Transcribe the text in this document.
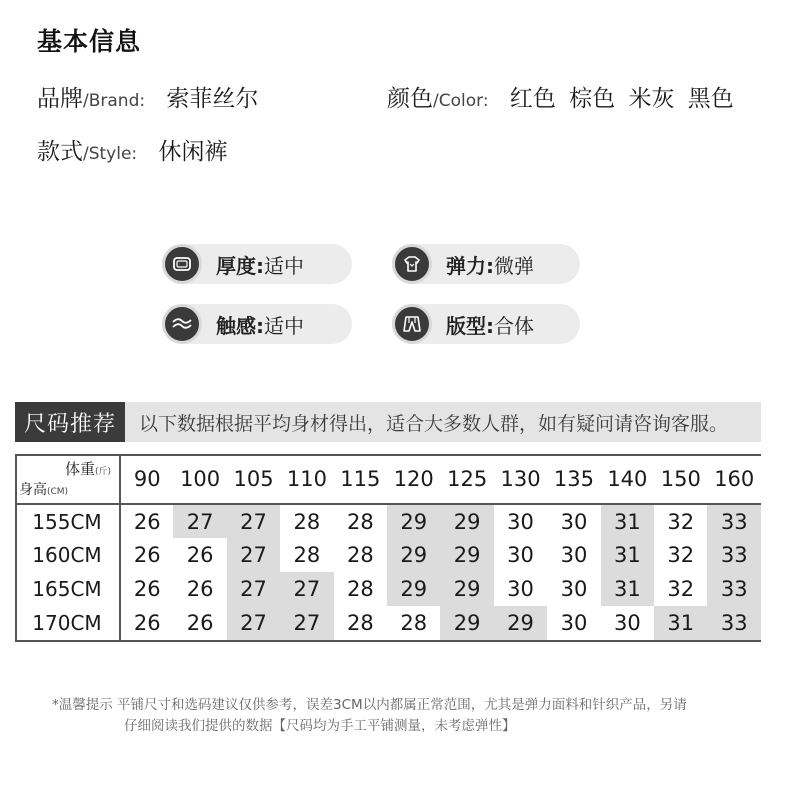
基本信息
品牌/Brand: 索菲丝尔	颜色/Color: 红色 棕色 米灰 黑色
款式/Style: 休闲裤
厚度: 适中	弹力: 微弹
触感: 适中	版型: 合体
尺码推荐	以下数据根据平均身材得出，适合大多数人群，如有疑问请咨询客服。
体重(斤)
身高(CM)	90	100	105	110	115	120	125	130	135	140	150	160
155CM	26	27	27	28	28	29	29	30	30	31	32	33
160CM	26	26	27	28	28	29	29	30	30	31	32	33
165CM	26	26	27	27	28	29	29	30	30	31	32	33
170CM	26	26	27	27	28	28	29	29	30	30	31	33
*温馨提示 平铺尺寸和选码建议仅供参考，误差3CM以内都属正常范围，尤其是弹力面料和针织产品，另请
仔细阅读我们提供的数据【尺码均为手工平铺测量，未考虑弹性】
